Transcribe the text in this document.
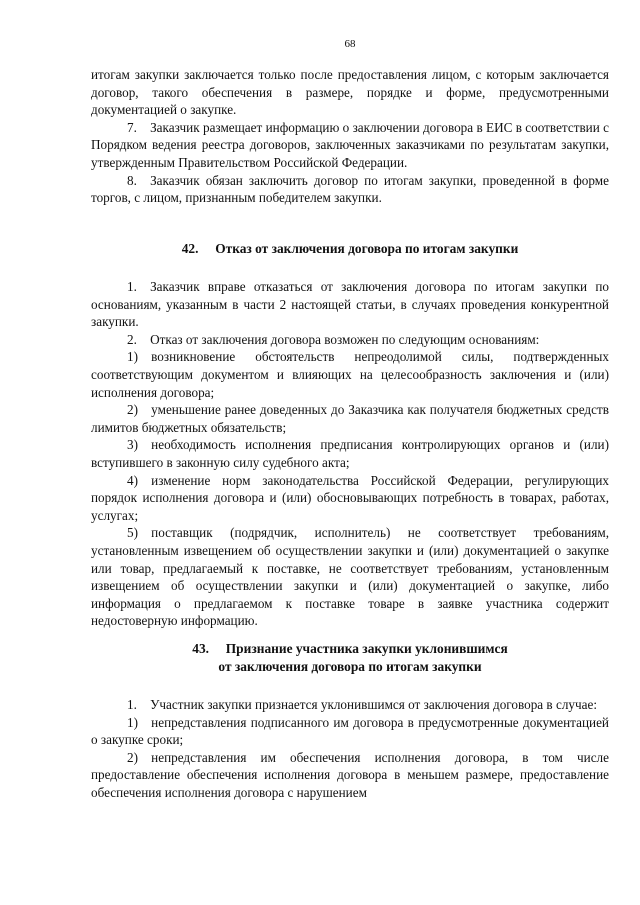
68

итогам закупки заключается только после предоставления лицом, с которым заключается договор, такого обеспечения в размере, порядке и форме, предусмотренными документацией о закупке.

7. Заказчик размещает информацию о заключении договора в ЕИС в соответствии с Порядком ведения реестра договоров, заключенных заказчиками по результатам закупки, утвержденным Правительством Российской Федерации.

8. Заказчик обязан заключить договор по итогам закупки, проведенной в форме торгов, с лицом, признанным победителем закупки.

42. Отказ от заключения договора по итогам закупки

1. Заказчик вправе отказаться от заключения договора по итогам закупки по основаниям, указанным в части 2 настоящей статьи, в случаях проведения конкурентной закупки.

2. Отказ от заключения договора возможен по следующим основаниям:

1) возникновение обстоятельств непреодолимой силы, подтвержденных соответствующим документом и влияющих на целесообразность заключения и (или) исполнения договора;

2) уменьшение ранее доведенных до Заказчика как получателя бюджетных средств лимитов бюджетных обязательств;

3) необходимость исполнения предписания контролирующих органов и (или) вступившего в законную силу судебного акта;

4) изменение норм законодательства Российской Федерации, регулирующих порядок исполнения договора и (или) обосновывающих потребность в товарах, работах, услугах;

5) поставщик (подрядчик, исполнитель) не соответствует требованиям, установленным извещением об осуществлении закупки и (или) документацией о закупке или товар, предлагаемый к поставке, не соответствует требованиям, установленным извещением об осуществлении закупки и (или) документацией о закупке, либо информация о предлагаемом к поставке товаре в заявке участника содержит недостоверную информацию.

43. Признание участника закупки уклонившимся

от заключения договора по итогам закупки

1. Участник закупки признается уклонившимся от заключения договора в случае:

1) непредставления подписанного им договора в предусмотренные документацией о закупке сроки;

2) непредставления им обеспечения исполнения договора, в том числе предоставление обеспечения исполнения договора в меньшем размере, предоставление обеспечения исполнения договора с нарушением
